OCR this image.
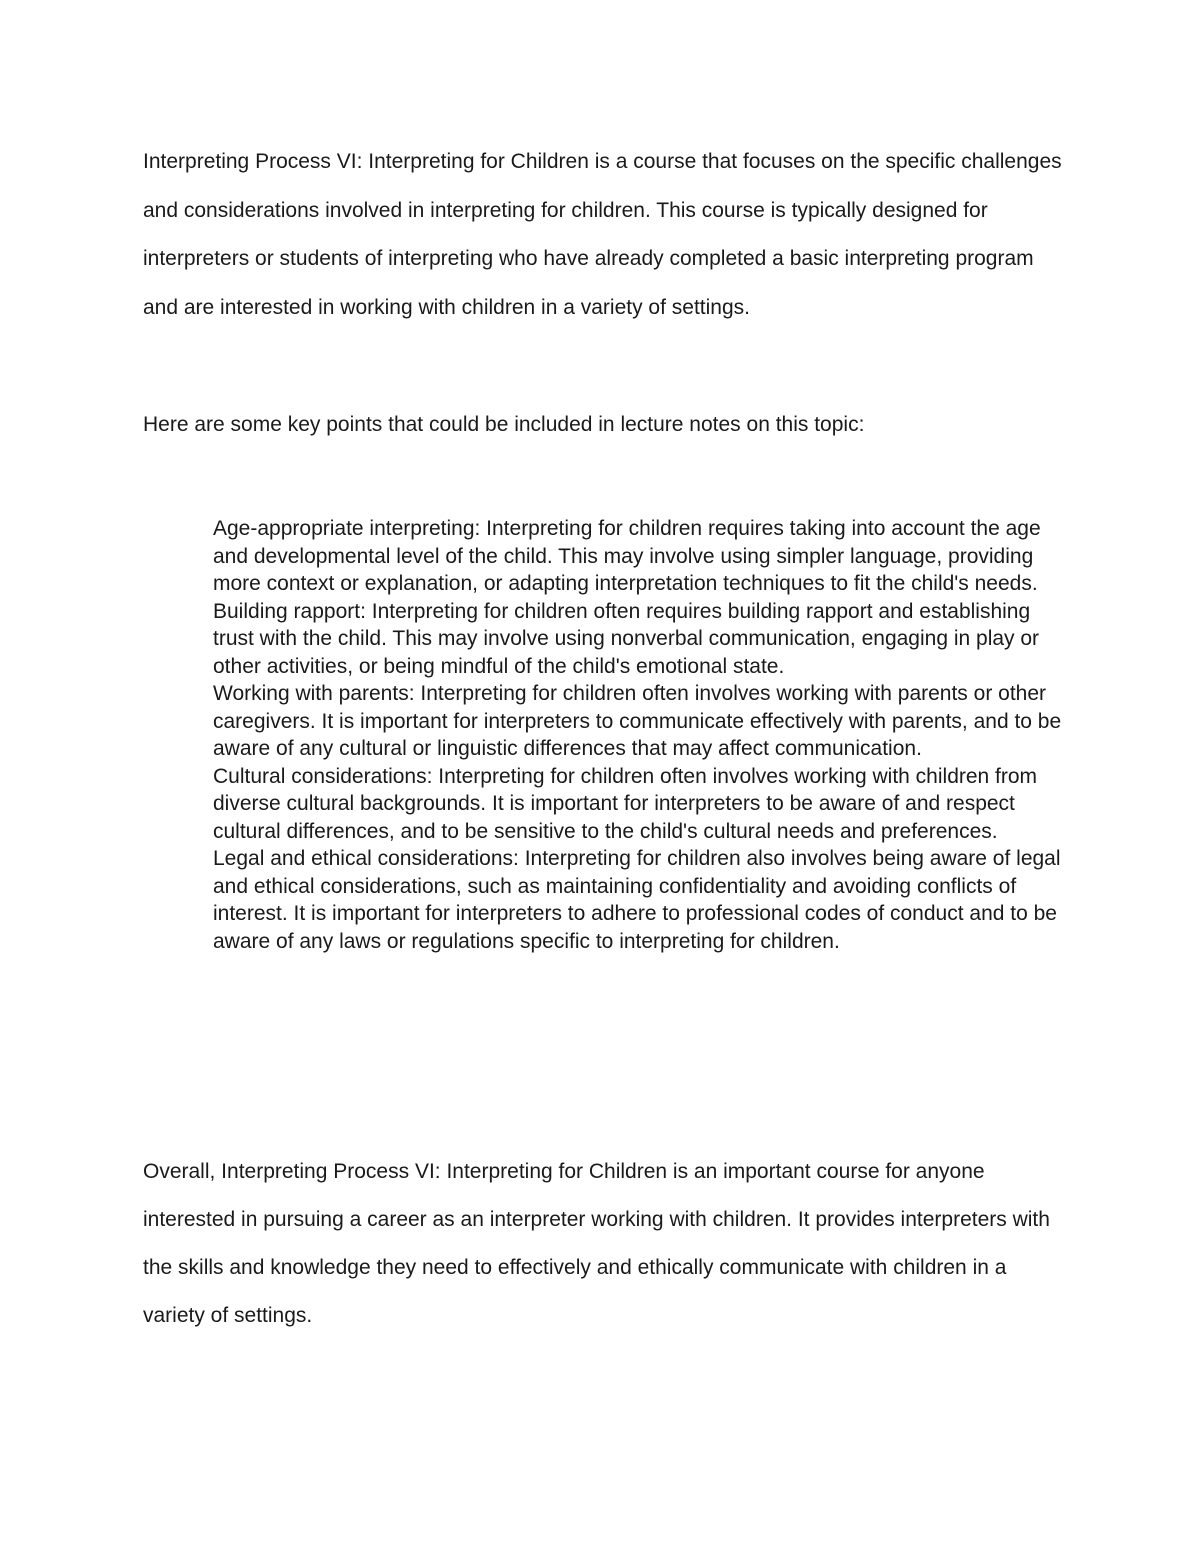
Interpreting Process VI: Interpreting for Children is a course that focuses on the specific challenges and considerations involved in interpreting for children. This course is typically designed for interpreters or students of interpreting who have already completed a basic interpreting program and are interested in working with children in a variety of settings.

Here are some key points that could be included in lecture notes on this topic:

Age-appropriate interpreting: Interpreting for children requires taking into account the age and developmental level of the child. This may involve using simpler language, providing more context or explanation, or adapting interpretation techniques to fit the child's needs.
Building rapport: Interpreting for children often requires building rapport and establishing trust with the child. This may involve using nonverbal communication, engaging in play or other activities, or being mindful of the child's emotional state.
Working with parents: Interpreting for children often involves working with parents or other caregivers. It is important for interpreters to communicate effectively with parents, and to be aware of any cultural or linguistic differences that may affect communication.
Cultural considerations: Interpreting for children often involves working with children from diverse cultural backgrounds. It is important for interpreters to be aware of and respect cultural differences, and to be sensitive to the child's cultural needs and preferences.
Legal and ethical considerations: Interpreting for children also involves being aware of legal and ethical considerations, such as maintaining confidentiality and avoiding conflicts of interest. It is important for interpreters to adhere to professional codes of conduct and to be aware of any laws or regulations specific to interpreting for children.

Overall, Interpreting Process VI: Interpreting for Children is an important course for anyone interested in pursuing a career as an interpreter working with children. It provides interpreters with the skills and knowledge they need to effectively and ethically communicate with children in a variety of settings.
